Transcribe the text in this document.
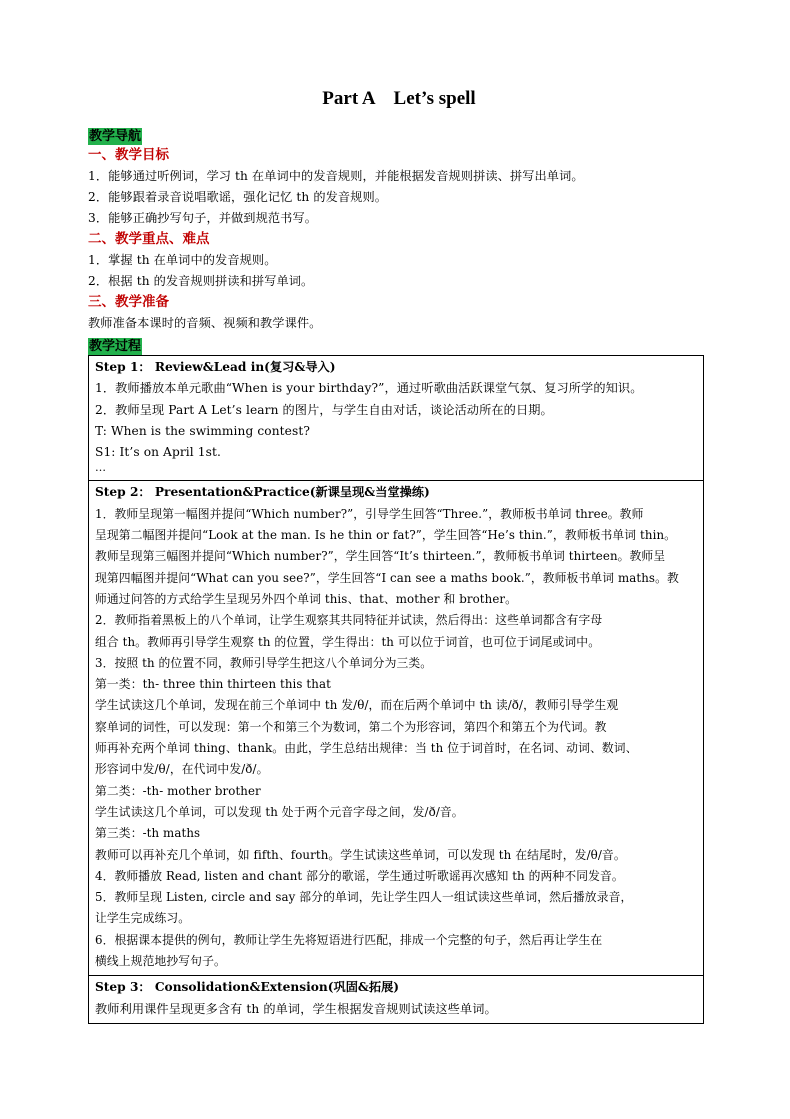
Part A    Let’s spell
教学导航
一、教学目标
1．能够通过听例词，学习 th 在单词中的发音规则，并能根据发音规则拼读、拼写出单词。
2．能够跟着录音说唱歌谣，强化记忆 th 的发音规则。
3．能够正确抄写句子，并做到规范书写。
二、教学重点、难点
1．掌握 th 在单词中的发音规则。
2．根据 th 的发音规则拼读和拼写单词。
三、教学准备
教师准备本课时的音频、视频和教学课件。
教学过程
Step 1： Review&Lead in(复习&导入)
1．教师播放本单元歌曲“When is your birthday?”，通过听歌曲活跃课堂气氛、复习所学的知识。
2．教师呈现 Part A Let’s learn 的图片，与学生自由对话，谈论活动所在的日期。
T: When is the swimming contest?
S1: It’s on April 1st.
…
Step 2： Presentation&Practice(新课呈现&当堂操练)
1．教师呈现第一幅图并提问“Which number?”，引导学生回答“Three.”，教师板书单词 three。教师
呈现第二幅图并提问“Look at the man. Is he thin or fat?”，学生回答“He’s thin.”，教师板书单词 thin。
教师呈现第三幅图并提问“Which number?”，学生回答“It’s thirteen.”，教师板书单词 thirteen。教师呈
现第四幅图并提问“What can you see?”，学生回答“I can see a maths book.”，教师板书单词 maths。教
师通过问答的方式给学生呈现另外四个单词 this、that、mother 和 brother。
2．教师指着黑板上的八个单词，让学生观察其共同特征并试读，然后得出：这些单词都含有字母
组合 th。教师再引导学生观察 th 的位置，学生得出：th 可以位于词首，也可位于词尾或词中。
3．按照 th 的位置不同，教师引导学生把这八个单词分为三类。
第一类：th- three thin thirteen this that
学生试读这几个单词，发现在前三个单词中 th 发/θ/，而在后两个单词中 th 读/ð/，教师引导学生观
察单词的词性，可以发现：第一个和第三个为数词，第二个为形容词，第四个和第五个为代词。教
师再补充两个单词 thing、thank。由此，学生总结出规律：当 th 位于词首时，在名词、动词、数词、
形容词中发/θ/，在代词中发/ð/。
第二类：-th- mother brother
学生试读这几个单词，可以发现 th 处于两个元音字母之间，发/ð/音。
第三类：-th maths
教师可以再补充几个单词，如 fifth、fourth。学生试读这些单词，可以发现 th 在结尾时，发/θ/音。
4．教师播放 Read, listen and chant 部分的歌谣，学生通过听歌谣再次感知 th 的两种不同发音。
5．教师呈现 Listen, circle and say 部分的单词，先让学生四人一组试读这些单词，然后播放录音，
让学生完成练习。
6．根据课本提供的例句，教师让学生先将短语进行匹配，排成一个完整的句子，然后再让学生在
横线上规范地抄写句子。
Step 3： Consolidation&Extension(巩固&拓展)
教师利用课件呈现更多含有 th 的单词，学生根据发音规则试读这些单词。
